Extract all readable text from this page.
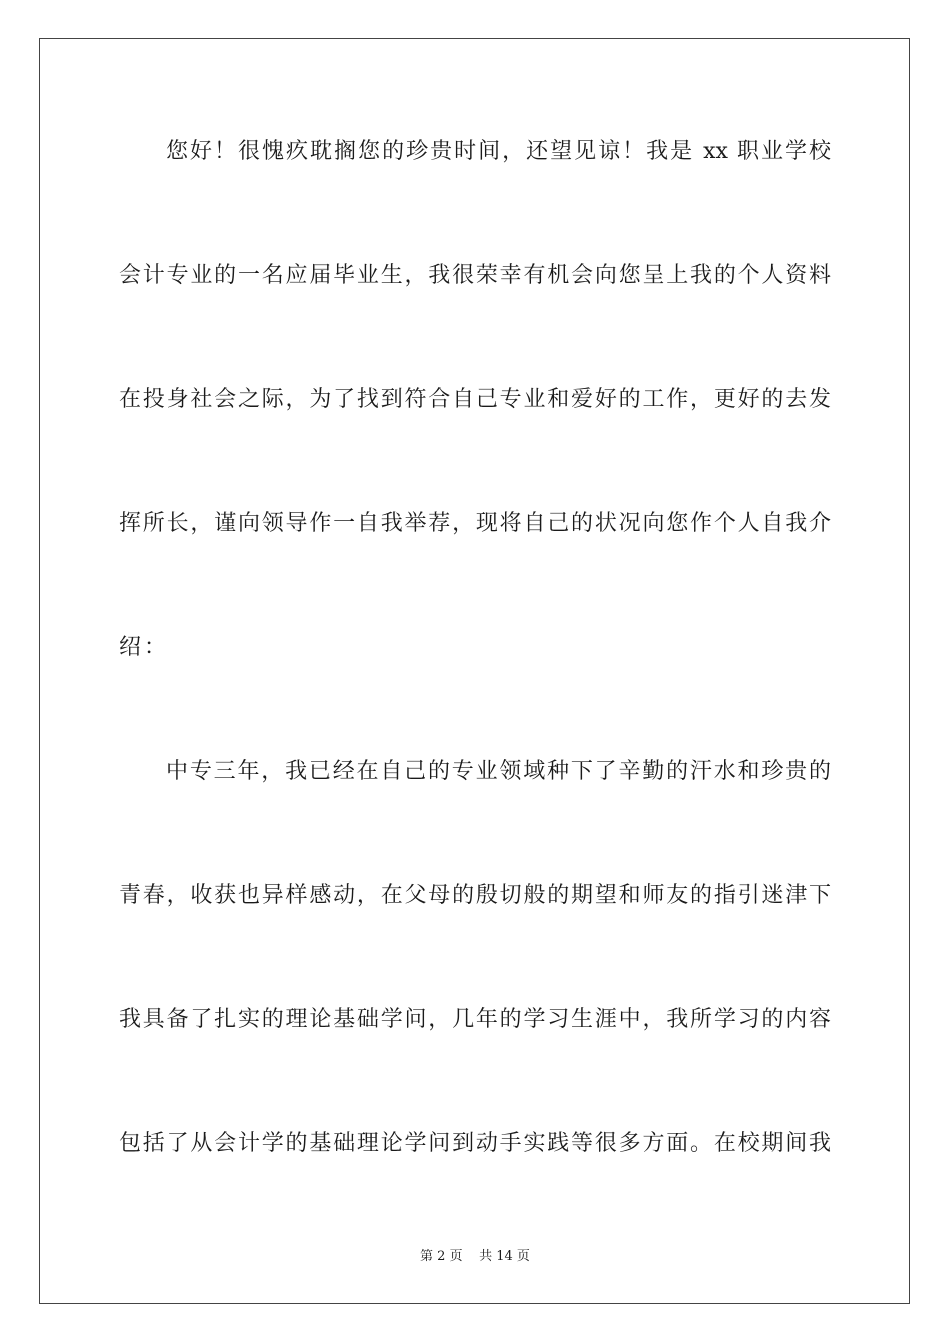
您好！很愧疚耽搁您的珍贵时间，还望见谅！我是 xx 职业学校
会计专业的一名应届毕业生，我很荣幸有机会向您呈上我的个人资料
在投身社会之际，为了找到符合自己专业和爱好的工作，更好的去发
挥所长，谨向领导作一自我举荐，现将自己的状况向您作个人自我介
绍：
中专三年，我已经在自己的专业领域种下了辛勤的汗水和珍贵的
青春，收获也异样感动，在父母的殷切般的期望和师友的指引迷津下
我具备了扎实的理论基础学问，几年的学习生涯中，我所学习的内容
包括了从会计学的基础理论学问到动手实践等很多方面。在校期间我
第 2 页 共 14 页
